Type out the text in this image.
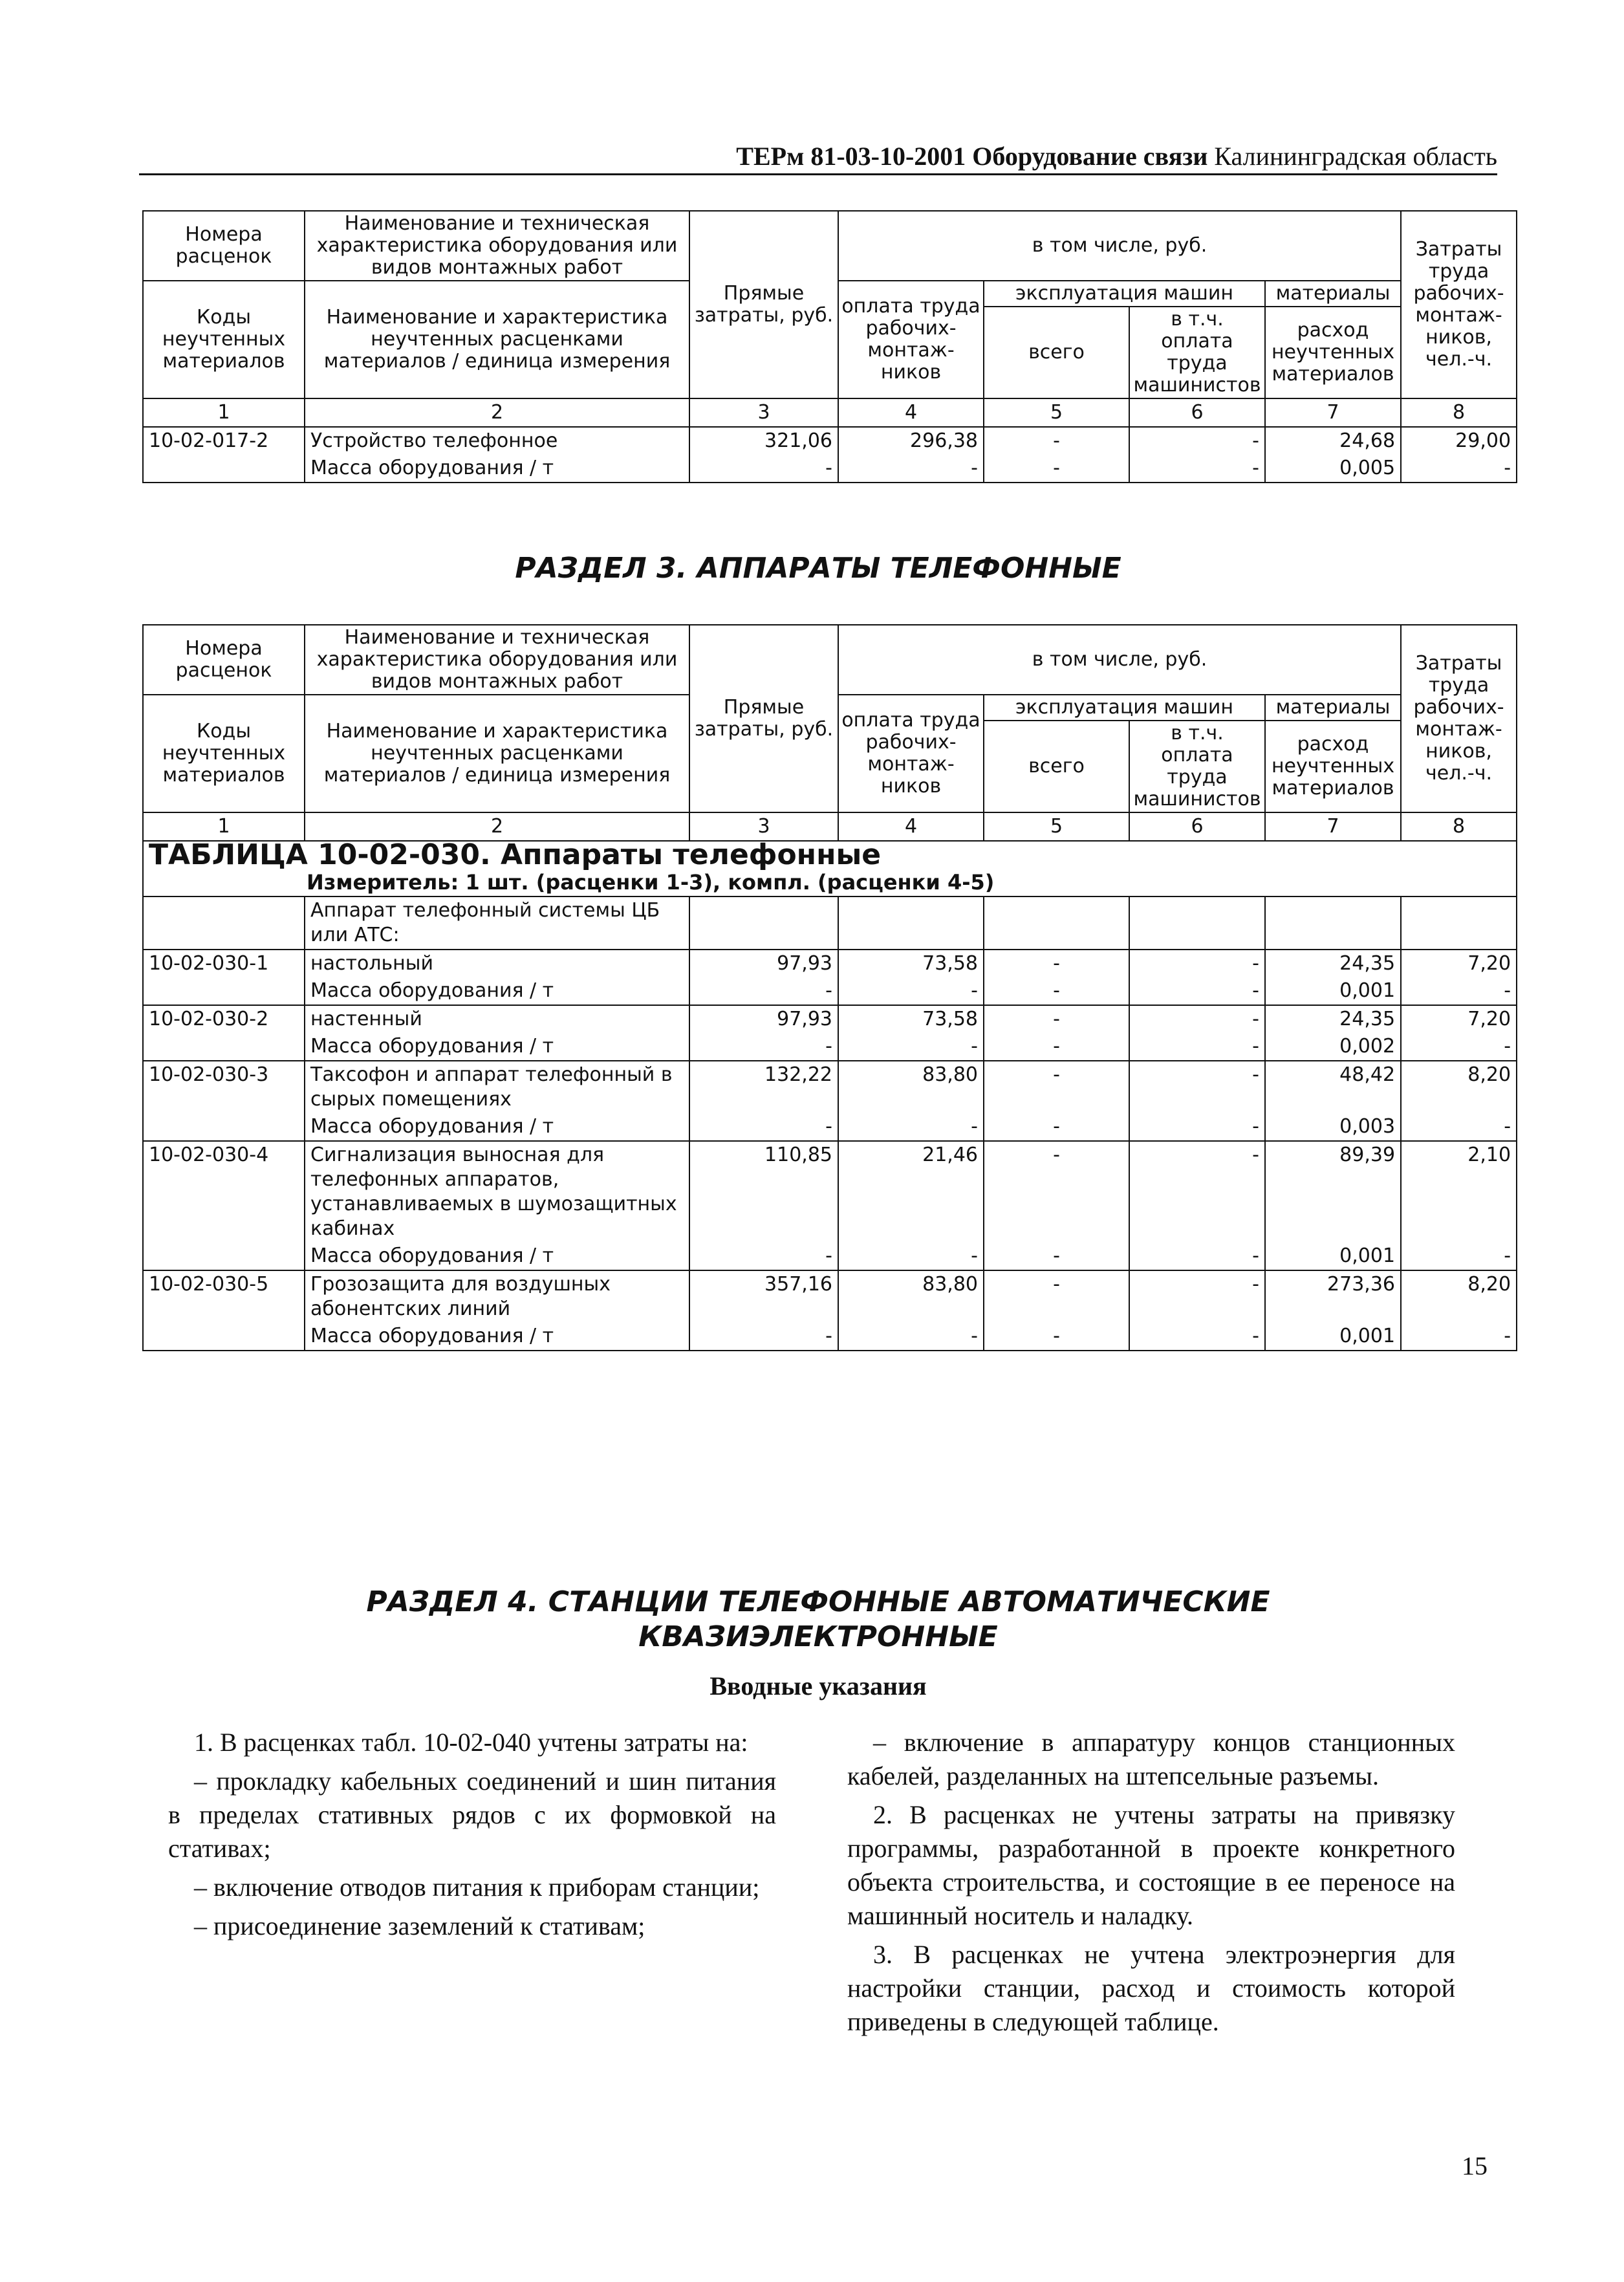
ТЕРм 81-03-10-2001 Оборудование связи Калининградская область
Номера расценок	Наименование и техническая характеристика оборудования или видов монтажных работ	Прямые затраты, руб.	в том числе, руб.				Затраты труда рабочих-монтаж-ников, чел.-ч.
Коды неучтенных материалов	Наименование и характеристика неучтенных расценками материалов / единица измерения		оплата труда рабочих-монтаж-ников	эксплуатация машин		материалы	
				всего	в т.ч. оплата труда машинистов	расход неучтенных материалов	
1	2	3	4	5	6	7	8
10-02-017-2	Устройство телефонное	321,06	296,38	-	-	24,68	29,00
	Масса оборудования / т	-	-	-	-	0,005	-
РАЗДЕЛ 3. АППАРАТЫ ТЕЛЕФОННЫЕ
Номера расценок	Наименование и техническая характеристика оборудования или видов монтажных работ	Прямые затраты, руб.	в том числе, руб.				Затраты труда рабочих-монтаж-ников, чел.-ч.
Коды неучтенных материалов	Наименование и характеристика неучтенных расценками материалов / единица измерения		оплата труда рабочих-монтаж-ников	эксплуатация машин		материалы	
				всего	в т.ч. оплата труда машинистов	расход неучтенных материалов	
1	2	3	4	5	6	7	8
ТАБЛИЦА 10-02-030. Аппараты телефонные							
Измеритель: 1 шт. (расценки 1-3), компл. (расценки 4-5)							
	Аппарат телефонный системы ЦБ или АТС:						
10-02-030-1	настольный	97,93	73,58	-	-	24,35	7,20
	Масса оборудования / т	-	-	-	-	0,001	-
10-02-030-2	настенный	97,93	73,58	-	-	24,35	7,20
	Масса оборудования / т	-	-	-	-	0,002	-
10-02-030-3	Таксофон и аппарат телефонный в сырых помещениях	132,22	83,80	-	-	48,42	8,20
	Масса оборудования / т	-	-	-	-	0,003	-
10-02-030-4	Сигнализация выносная для телефонных аппаратов, устанавливаемых в шумозащитных кабинах	110,85	21,46	-	-	89,39	2,10
	Масса оборудования / т	-	-	-	-	0,001	-
10-02-030-5	Грозозащита для воздушных абонентских линий	357,16	83,80	-	-	273,36	8,20
	Масса оборудования / т	-	-	-	-	0,001	-
РАЗДЕЛ 4. СТАНЦИИ ТЕЛЕФОННЫЕ АВТОМАТИЧЕСКИЕ
КВАЗИЭЛЕКТРОННЫЕ
Вводные указания

1. В расценках табл. 10-02-040 учтены затраты на:

– прокладку кабельных соединений и шин питания в пределах стативных рядов с их формовкой на стативах;

– включение отводов питания к приборам станции;

– присоединение заземлений к стативам;

– включение в аппаратуру концов станционных кабелей, разделанных на штепсельные разъемы.

2. В расценках не учтены затраты на привязку программы, разработанной в проекте конкретного объекта строительства, и состоящие в ее переносе на машинный носитель и наладку.

3. В расценках не учтена электроэнергия для настройки станции, расход и стоимость которой приведены в следующей таблице.

15
